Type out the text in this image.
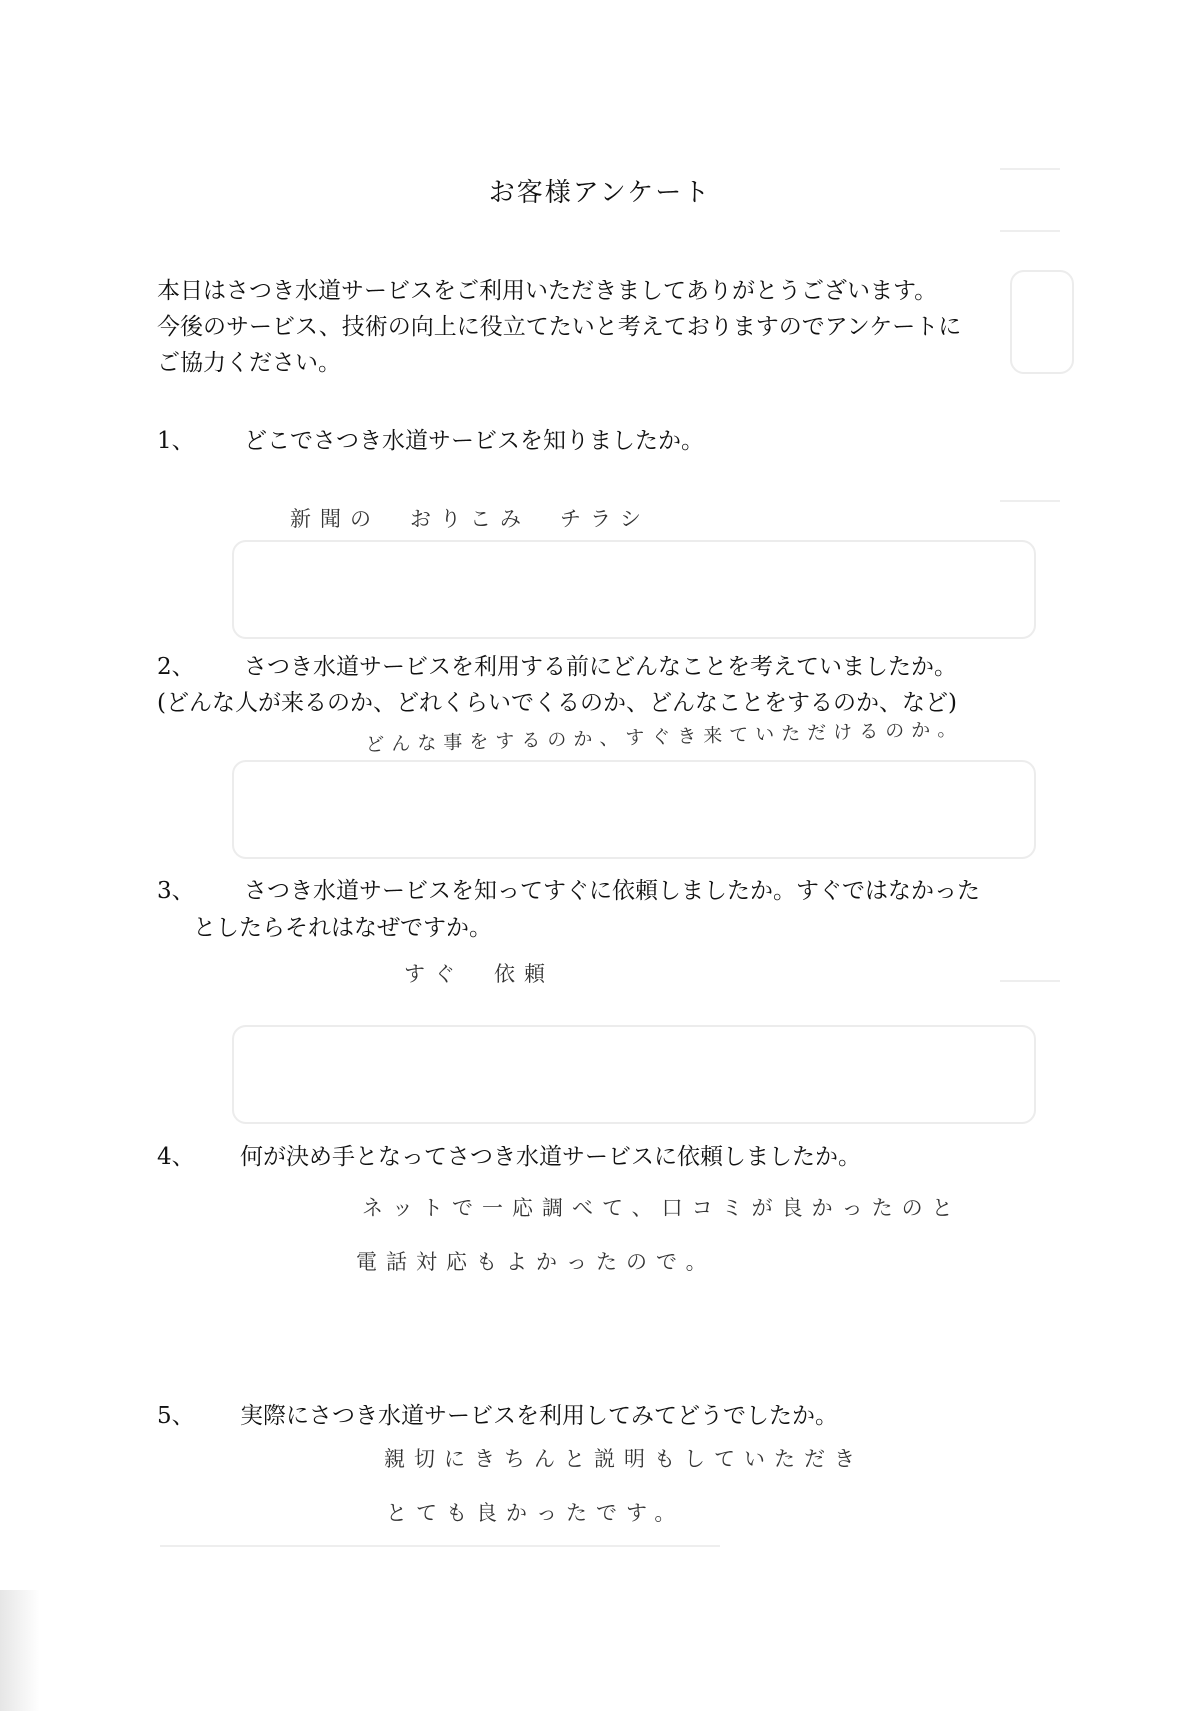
お客様アンケート
本日はさつき水道サービスをご利用いただきましてありがとうございます。
今後のサービス、技術の向上に役立てたいと考えておりますのでアンケートに
ご協力ください。
1、 どこでさつき水道サービスを知りましたか。
新聞の　おりこみ　チラシ
2、 さつき水道サービスを利用する前にどんなことを考えていましたか。
(どんな人が来るのか、どれくらいでくるのか、どんなことをするのか、など)
どんな事をするのか、すぐき来ていただけるのか。
3、 さつき水道サービスを知ってすぐに依頼しましたか。すぐではなかった
としたらそれはなぜですか。
すぐ　依頼
4、 何が決め手となってさつき水道サービスに依頼しましたか。
ネットで一応調べて、口コミが良かったのと
電話対応もよかったので。
5、 実際にさつき水道サービスを利用してみてどうでしたか。
親切にきちんと説明もしていただき
とても良かったです。
